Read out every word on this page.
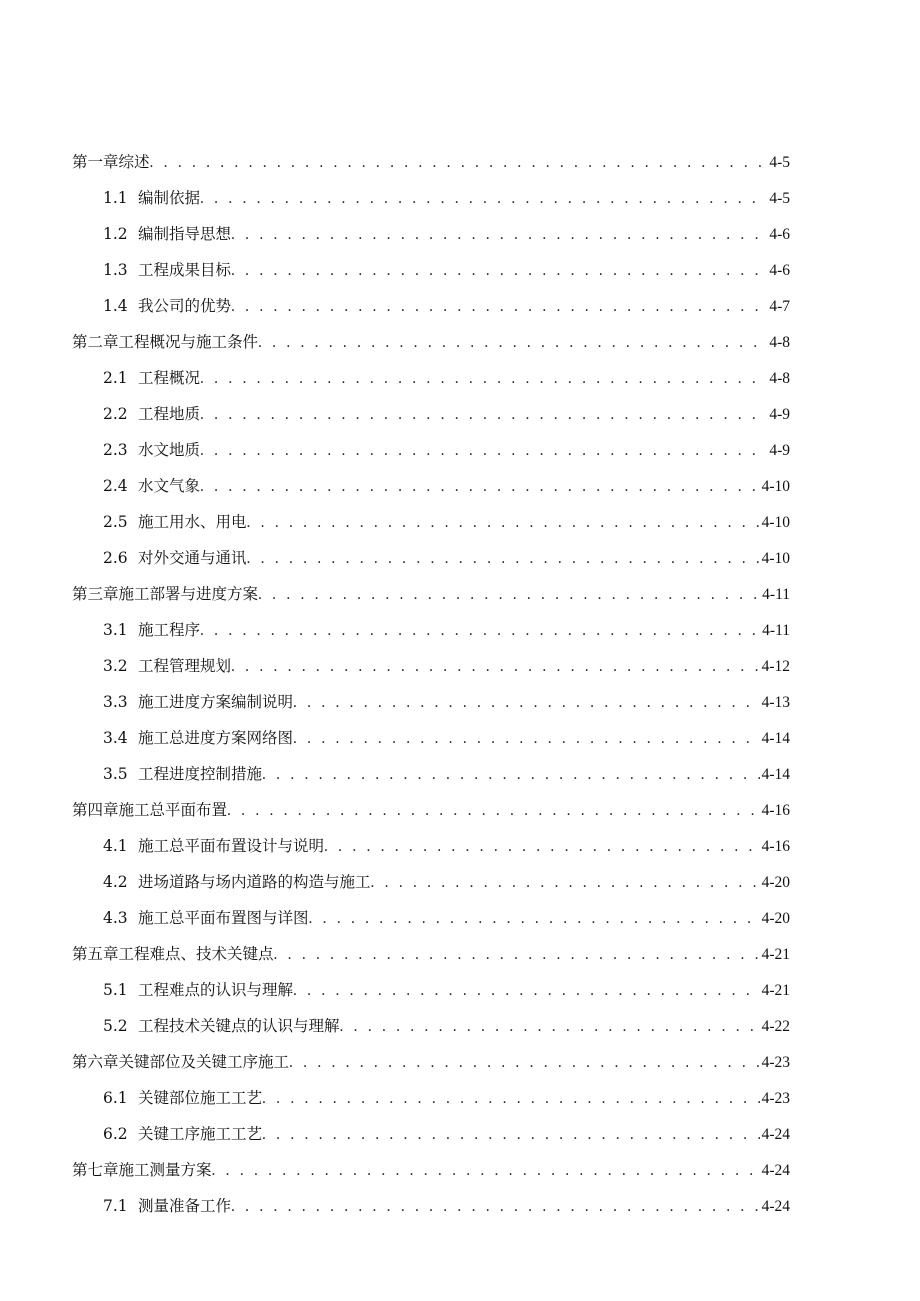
第一章综述 . . .	4-5
1.1 编制依据 . . .	4-5
1.2 编制指导思想 . . .	4-6
1.3 工程成果目标 . . .	4-6
1.4 我公司的优势 . . .	4-7
第二章工程概况与施工条件 . . .	4-8
2.1 工程概况 . . .	4-8
2.2 工程地质 . . .	4-9
2.3 水文地质 . . .	4-9
2.4 水文气象 . . .	4-10
2.5 施工用水、用电 . . .	4-10
2.6 对外交通与通讯 . . .	4-10
第三章施工部署与进度方案 . . .	4-11
3.1 施工程序 . . .	4-11
3.2 工程管理规划 . . .	4-12
3.3 施工进度方案编制说明 . . .	4-13
3.4 施工总进度方案网络图 . . .	4-14
3.5 工程进度控制措施 . . .	4-14
第四章施工总平面布置 . . .	4-16
4.1 施工总平面布置设计与说明 . . .	4-16
4.2 进场道路与场内道路的构造与施工 . . .	4-20
4.3 施工总平面布置图与详图 . . .	4-20
第五章工程难点、技术关键点 . . .	4-21
5.1 工程难点的认识与理解 . . .	4-21
5.2 工程技术关键点的认识与理解 . . .	4-22
第六章关键部位及关键工序施工 . . .	4-23
6.1 关键部位施工工艺 . . .	4-23
6.2 关键工序施工工艺 . . .	4-24
第七章施工测量方案 . . .	4-24
7.1 测量准备工作 . . .	4-24
